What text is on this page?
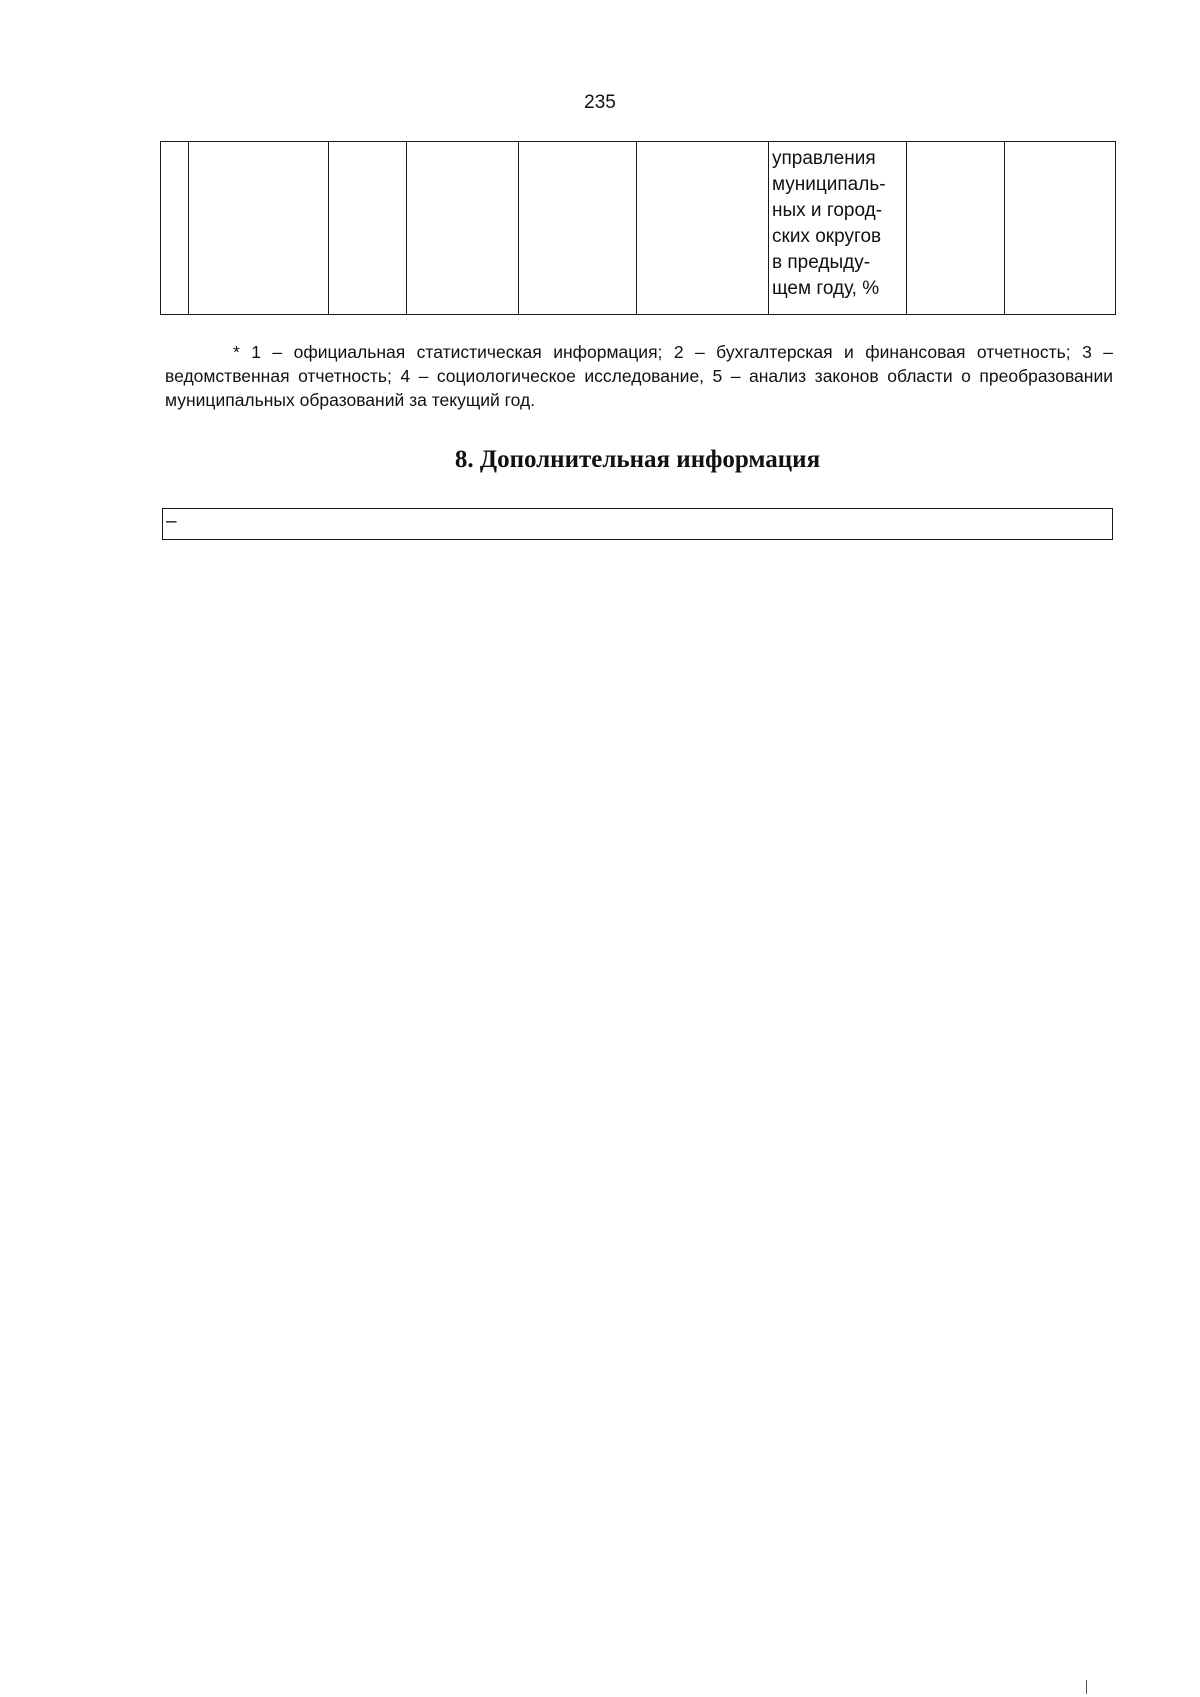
235

управления
муниципаль-
ных и город-
ских округов
в предыду-
щем году, %

* 1 – официальная статистическая информация; 2 – бухгалтерская и финансовая отчетность; 3 – ведомственная отчетность; 4 – социологическое исследование, 5 – анализ законов области о преобразовании муниципальных образований за текущий год.

8. Дополнительная информация
–
